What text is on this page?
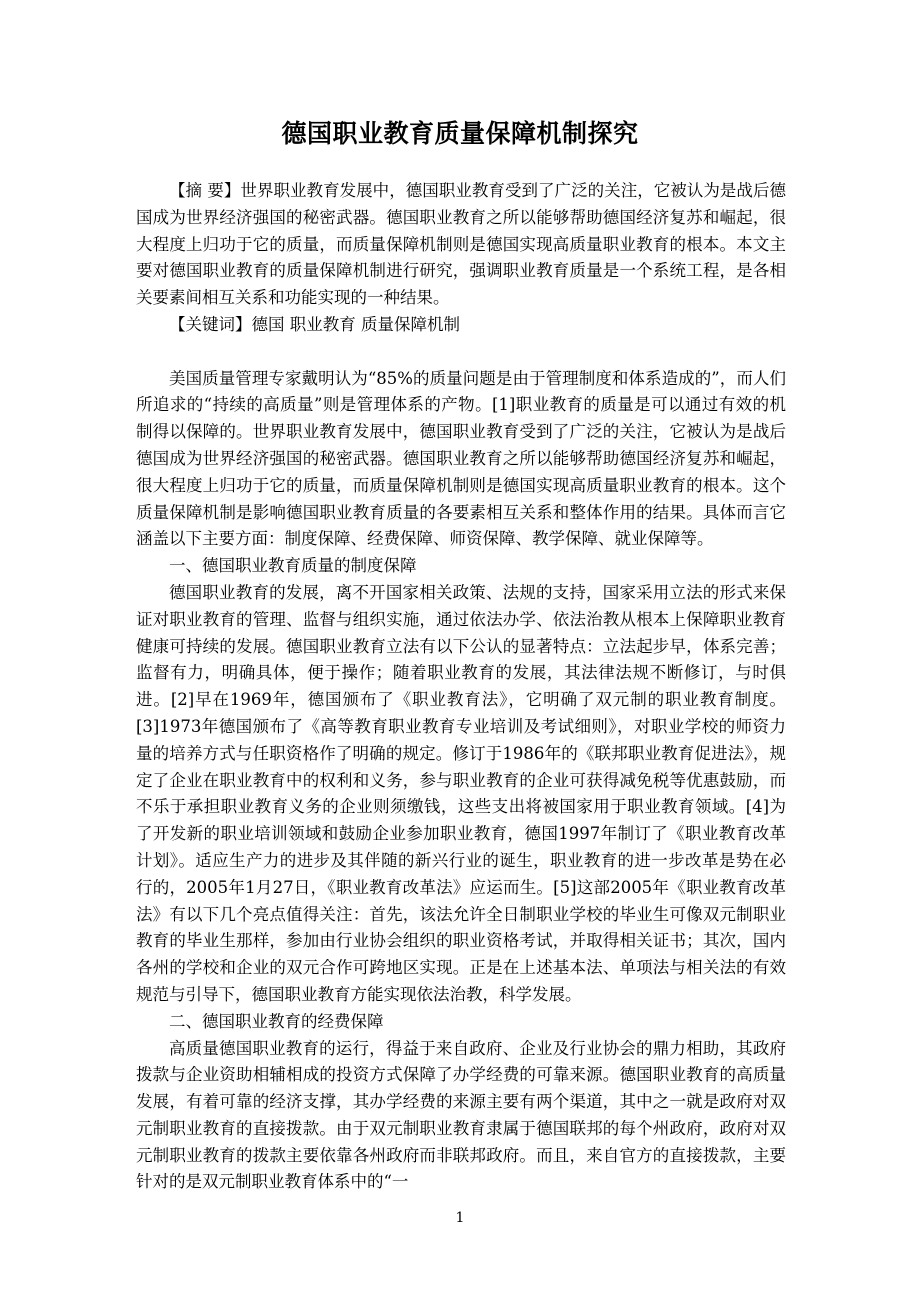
德国职业教育质量保障机制探究

【摘 要】世界职业教育发展中，德国职业教育受到了广泛的关注，它被认为是战后德国成为世界经济强国的秘密武器。德国职业教育之所以能够帮助德国经济复苏和崛起，很大程度上归功于它的质量，而质量保障机制则是德国实现高质量职业教育的根本。本文主要对德国职业教育的质量保障机制进行研究，强调职业教育质量是一个系统工程，是各相关要素间相互关系和功能实现的一种结果。

【关键词】德国 职业教育 质量保障机制

美国质量管理专家戴明认为“85%的质量问题是由于管理制度和体系造成的”，而人们所追求的“持续的高质量”则是管理体系的产物。[1]职业教育的质量是可以通过有效的机制得以保障的。世界职业教育发展中，德国职业教育受到了广泛的关注，它被认为是战后德国成为世界经济强国的秘密武器。德国职业教育之所以能够帮助德国经济复苏和崛起，很大程度上归功于它的质量，而质量保障机制则是德国实现高质量职业教育的根本。这个质量保障机制是影响德国职业教育质量的各要素相互关系和整体作用的结果。具体而言它涵盖以下主要方面：制度保障、经费保障、师资保障、教学保障、就业保障等。

一、德国职业教育质量的制度保障

德国职业教育的发展，离不开国家相关政策、法规的支持，国家采用立法的形式来保证对职业教育的管理、监督与组织实施，通过依法办学、依法治教从根本上保障职业教育健康可持续的发展。德国职业教育立法有以下公认的显著特点：立法起步早，体系完善；监督有力，明确具体，便于操作；随着职业教育的发展，其法律法规不断修订，与时俱进。[2]早在1969年，德国颁布了《职业教育法》，它明确了双元制的职业教育制度。[3]1973年德国颁布了《高等教育职业教育专业培训及考试细则》，对职业学校的师资力量的培养方式与任职资格作了明确的规定。修订于1986年的《联邦职业教育促进法》，规定了企业在职业教育中的权利和义务，参与职业教育的企业可获得减免税等优惠鼓励，而不乐于承担职业教育义务的企业则须缴钱，这些支出将被国家用于职业教育领域。[4]为了开发新的职业培训领域和鼓励企业参加职业教育，德国1997年制订了《职业教育改革计划》。适应生产力的进步及其伴随的新兴行业的诞生，职业教育的进一步改革是势在必行的，2005年1月27日，《职业教育改革法》应运而生。[5]这部2005年《职业教育改革法》有以下几个亮点值得关注：首先，该法允许全日制职业学校的毕业生可像双元制职业教育的毕业生那样，参加由行业协会组织的职业资格考试，并取得相关证书；其次，国内各州的学校和企业的双元合作可跨地区实现。正是在上述基本法、单项法与相关法的有效规范与引导下，德国职业教育方能实现依法治教，科学发展。

二、德国职业教育的经费保障

高质量德国职业教育的运行，得益于来自政府、企业及行业协会的鼎力相助，其政府拨款与企业资助相辅相成的投资方式保障了办学经费的可靠来源。德国职业教育的高质量发展，有着可靠的经济支撑，其办学经费的来源主要有两个渠道，其中之一就是政府对双元制职业教育的直接拨款。由于双元制职业教育隶属于德国联邦的每个州政府，政府对双元制职业教育的拨款主要依靠各州政府而非联邦政府。而且，来自官方的直接拨款，主要针对的是双元制职业教育体系中的“一

1
